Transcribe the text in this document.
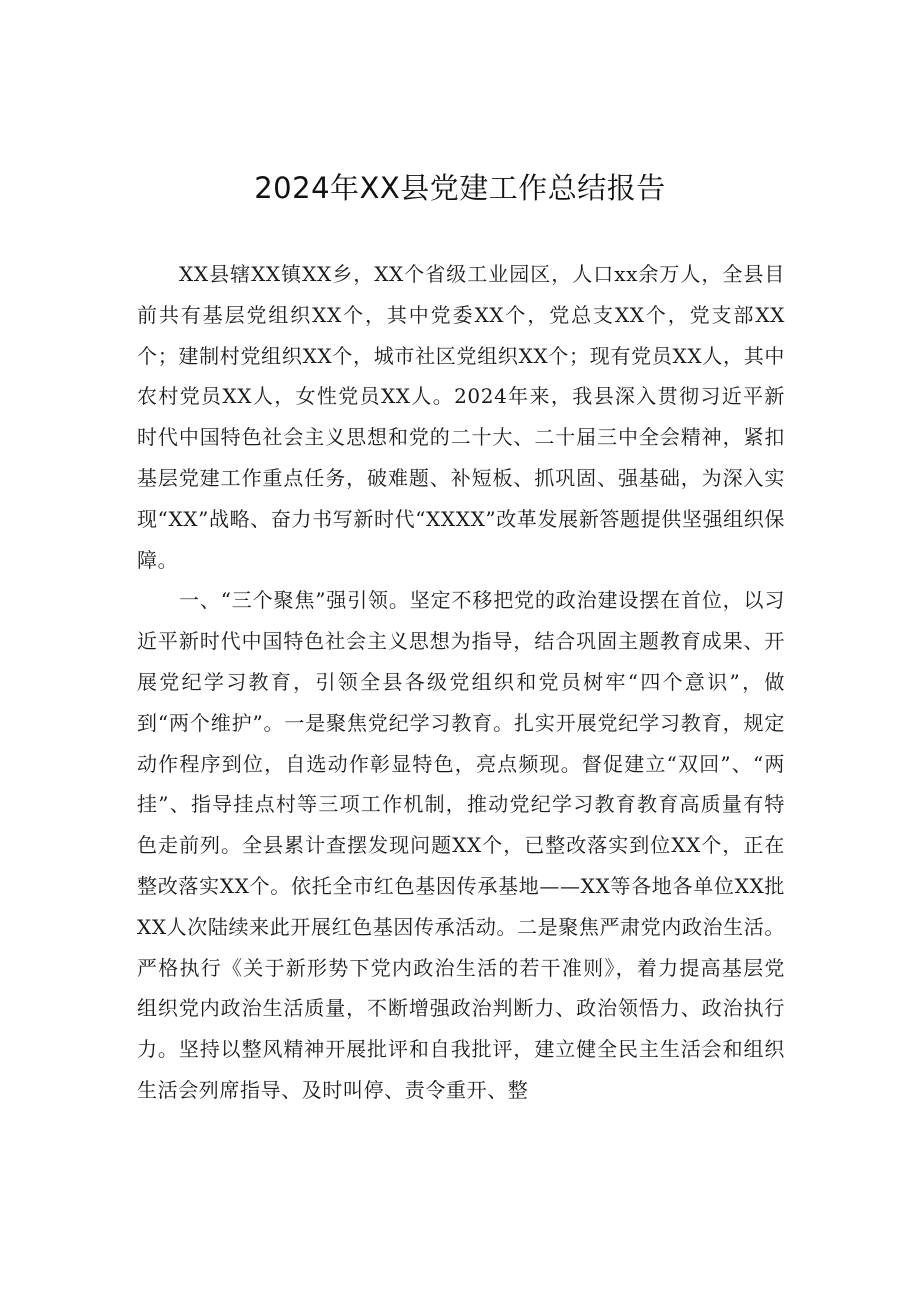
2024年XX县党建工作总结报告

XX县辖XX镇XX乡，XX个省级工业园区，人口xx余万人，全县目前共有基层党组织XX个，其中党委XX个，党总支XX个，党支部XX个；建制村党组织XX个，城市社区党组织XX个；现有党员XX人，其中农村党员XX人，女性党员XX人。2024年来，我县深入贯彻习近平新时代中国特色社会主义思想和党的二十大、二十届三中全会精神，紧扣基层党建工作重点任务，破难题、补短板、抓巩固、强基础，为深入实现“XX”战略、奋力书写新时代“XXXX”改革发展新答题提供坚强组织保障。

一、“三个聚焦”强引领。坚定不移把党的政治建设摆在首位，以习近平新时代中国特色社会主义思想为指导，结合巩固主题教育成果、开展党纪学习教育，引领全县各级党组织和党员树牢“四个意识”，做到“两个维护”。一是聚焦党纪学习教育。扎实开展党纪学习教育，规定动作程序到位，自选动作彰显特色，亮点频现。督促建立“双回”、“两挂”、指导挂点村等三项工作机制，推动党纪学习教育教育高质量有特色走前列。全县累计查摆发现问题XX个，已整改落实到位XX个，正在整改落实XX个。依托全市红色基因传承基地——XX等各地各单位XX批XX人次陆续来此开展红色基因传承活动。二是聚焦严肃党内政治生活。严格执行《关于新形势下党内政治生活的若干准则》，着力提高基层党组织党内政治生活质量，不断增强政治判断力、政治领悟力、政治执行力。坚持以整风精神开展批评和自我批评，建立健全民主生活会和组织生活会列席指导、及时叫停、责令重开、整
